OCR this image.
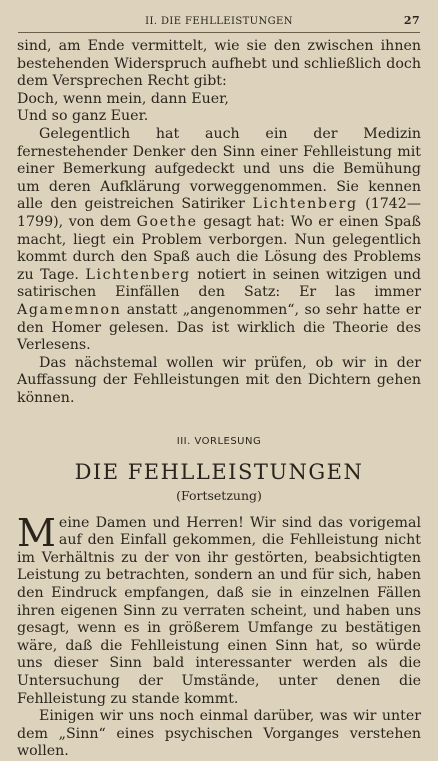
II. DIE FEHLLEISTUNGEN	27

sind, am Ende vermittelt, wie sie den zwischen ihnen bestehenden Widerspruch aufhebt und schließlich doch dem Versprechen Recht gibt:

Doch, wenn mein, dann Euer,

Und so ganz Euer.

Gelegentlich hat auch ein der Medizin fernestehender Denker den Sinn einer Fehlleistung mit einer Bemerkung aufgedeckt und uns die Bemühung um deren Aufklärung vorweggenommen. Sie kennen alle den geistreichen Satiriker Lichtenberg (1742—1799), von dem Goethe gesagt hat: Wo er einen Spaß macht, liegt ein Problem verborgen. Nun gelegentlich kommt durch den Spaß auch die Lösung des Problems zu Tage. Lichtenberg notiert in seinen witzigen und satirischen Einfällen den Satz: Er las immer Agamemnon anstatt „angenommen“, so sehr hatte er den Homer gelesen. Das ist wirklich die Theorie des Verlesens.

Das nächstemal wollen wir prüfen, ob wir in der Auffassung der Fehlleistungen mit den Dichtern gehen können.

III. VORLESUNG
DIE FEHLLEISTUNGEN
(Fortsetzung)

Meine Damen und Herren! Wir sind das vorigemal auf den Einfall gekommen, die Fehlleistung nicht im Verhältnis zu der von ihr gestörten, beabsichtigten Leistung zu betrachten, sondern an und für sich, haben den Eindruck empfangen, daß sie in einzelnen Fällen ihren eigenen Sinn zu verraten scheint, und haben uns gesagt, wenn es in größerem Umfange zu bestätigen wäre, daß die Fehlleistung einen Sinn hat, so würde uns dieser Sinn bald interessanter werden als die Untersuchung der Umstände, unter denen die Fehlleistung zu stande kommt.

Einigen wir uns noch einmal darüber, was wir unter dem „Sinn“ eines psychischen Vorganges verstehen wollen.
